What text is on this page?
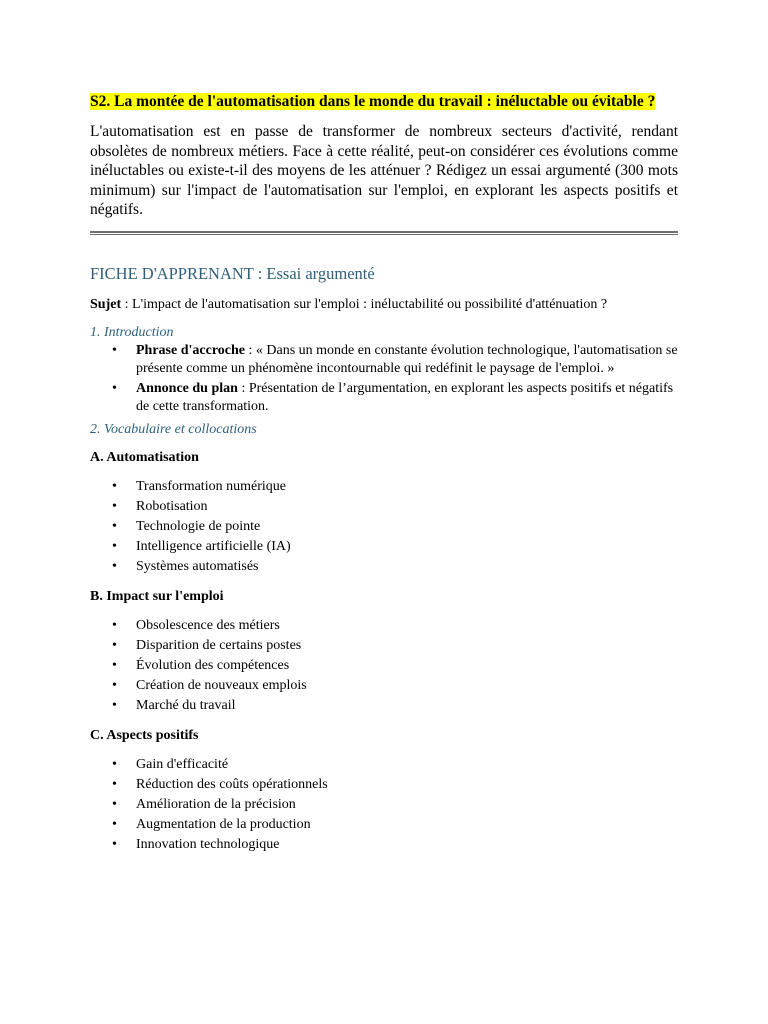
S2. La montée de l'automatisation dans le monde du travail : inéluctable ou évitable ?

L'automatisation est en passe de transformer de nombreux secteurs d'activité, rendant obsolètes de nombreux métiers. Face à cette réalité, peut-on considérer ces évolutions comme inéluctables ou existe-t-il des moyens de les atténuer ? Rédigez un essai argumenté (300 mots minimum) sur l'impact de l'automatisation sur l'emploi, en explorant les aspects positifs et négatifs.

FICHE D'APPRENANT : Essai argumenté

Sujet : L'impact de l'automatisation sur l'emploi : inéluctabilité ou possibilité d'atténuation ?

1. Introduction
• Phrase d'accroche : « Dans un monde en constante évolution technologique, l'automatisation se présente comme un phénomène incontournable qui redéfinit le paysage de l'emploi. »
• Annonce du plan : Présentation de l’argumentation, en explorant les aspects positifs et négatifs de cette transformation.
2. Vocabulaire et collocations

A. Automatisation

• Transformation numérique
• Robotisation
• Technologie de pointe
• Intelligence artificielle (IA)
• Systèmes automatisés

B. Impact sur l'emploi

• Obsolescence des métiers
• Disparition de certains postes
• Évolution des compétences
• Création de nouveaux emplois
• Marché du travail

C. Aspects positifs

• Gain d'efficacité
• Réduction des coûts opérationnels
• Amélioration de la précision
• Augmentation de la production
• Innovation technologique
